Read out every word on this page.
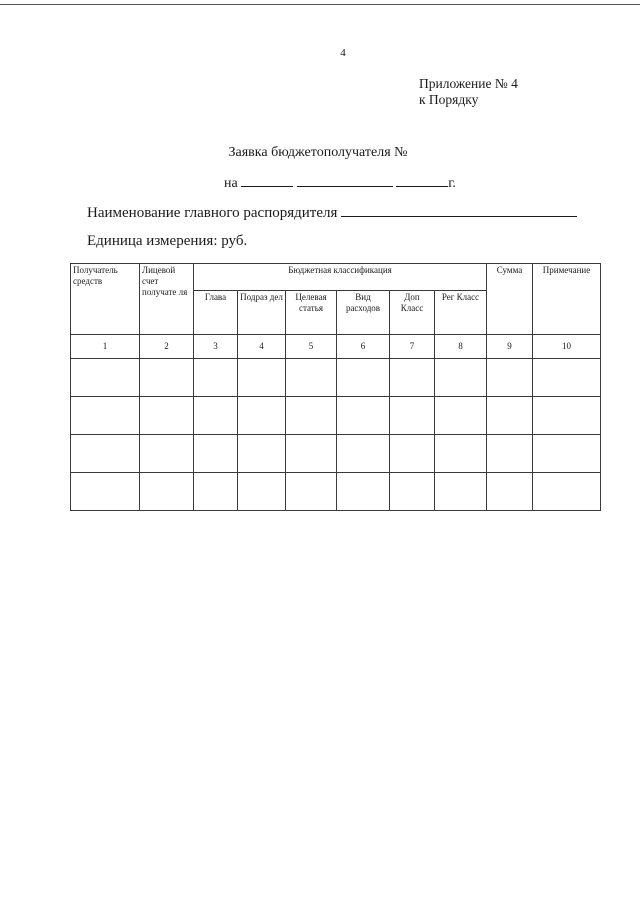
4
Приложение № 4
к Порядку
Заявка бюджетополучателя №
на	г.
Наименование главного распорядителя
Единица измерения: руб.
Получатель средств	Лицевой счет получате ля	Бюджетная классификация						Сумма	Примечание
		Глава	Подраз дел	Целевая статья	Вид расходов	Доп Класс	Рег Класс		
1	2	3	4	5	6	7	8	9	10
